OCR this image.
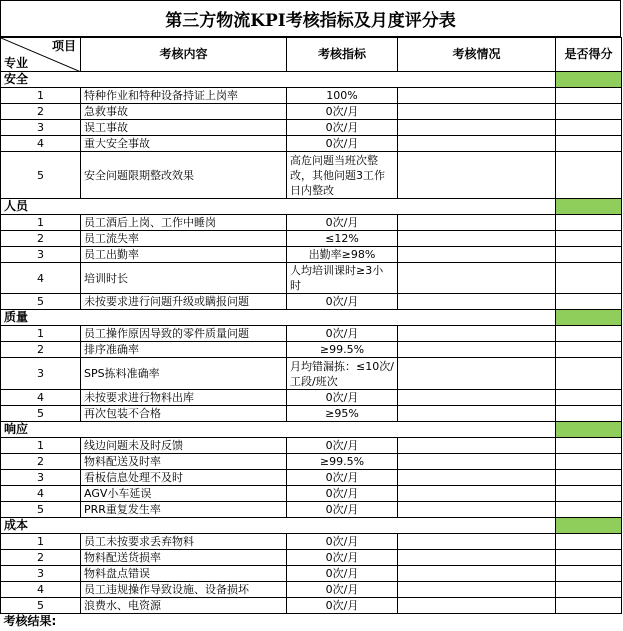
第三方物流KPI考核指标及月度评分表
项目
专业	考核内容	考核指标	考核情况	是否得分
安全				
1	特种作业和特种设备持证上岗率	100%		
2	急救事故	0次/月		
3	误工事故	0次/月		
4	重大安全事故	0次/月		
5	安全问题限期整改效果	高危问题当班次整改，其他问题3工作日内整改		
人员				
1	员工酒后上岗、工作中睡岗	0次/月		
2	员工流失率	≤12%		
3	员工出勤率	出勤率≥98%		
4	培训时长	人均培训课时≥3小时		
5	未按要求进行问题升级或瞒报问题	0次/月		
质量				
1	员工操作原因导致的零件质量问题	0次/月		
2	排序准确率	≥99.5%		
3	SPS拣料准确率	月均错漏拣：≤10次/工段/班次		
4	未按要求进行物料出库	0次/月		
5	再次包装不合格	≥95%		
响应				
1	线边问题未及时反馈	0次/月		
2	物料配送及时率	≥99.5%		
3	看板信息处理不及时	0次/月		
4	AGV小车延误	0次/月		
5	PRR重复发生率	0次/月		
成本				
1	员工未按要求丢弃物料	0次/月		
2	物料配送货损率	0次/月		
3	物料盘点错误	0次/月		
4	员工违规操作导致设施、设备损坏	0次/月		
5	浪费水、电资源	0次/月		
考核结果:				
